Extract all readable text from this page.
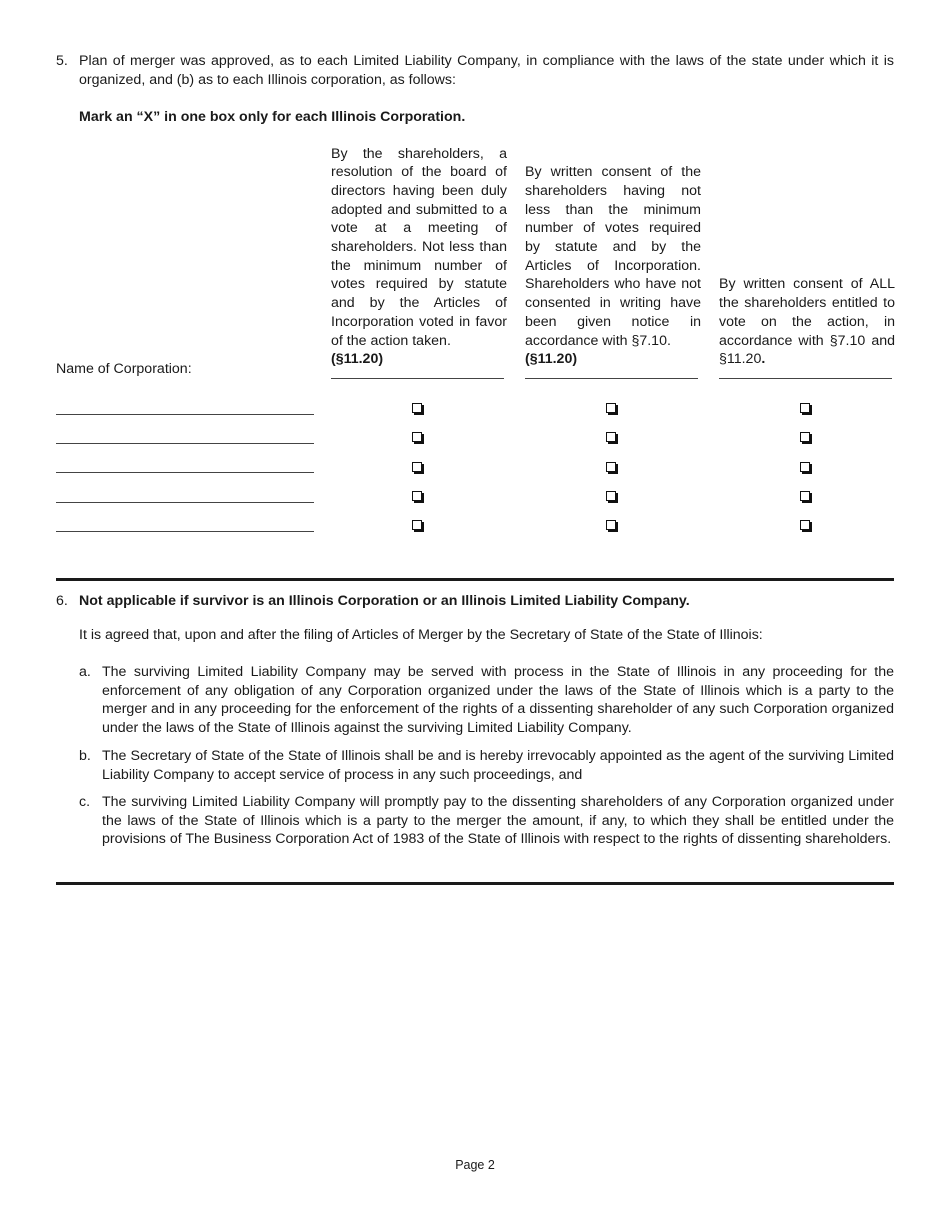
5. Plan of merger was approved, as to each Limited Liability Company, in compliance with the laws of the state under which it is organized, and (b) as to each Illinois corporation, as follows:
Mark an “X” in one box only for each Illinois Corporation.

By the shareholders, a resolution of the board of directors having been duly adopted and submitted to a vote at a meeting of shareholders. Not less than the minimum number of votes required by statute and by the Articles of Incorporation voted in favor of the action taken.

(§11.20)

By written consent of the shareholders having not less than the minimum number of votes required by statute and by the Articles of Incorporation. Shareholders who have not consented in writing have been given notice in accordance with §7.10.

(§11.20)

By written consent of ALL the shareholders entitled to vote on the action, in accordance with §7.10 and §11.20.

Name of Corporation:
6. Not applicable if survivor is an Illinois Corporation or an Illinois Limited Liability Company.
It is agreed that, upon and after the filing of Articles of Merger by the Secretary of State of the State of Illinois:
a. The surviving Limited Liability Company may be served with process in the State of Illinois in any proceeding for the enforcement of any obligation of any Corporation organized under the laws of the State of Illinois which is a party to the merger and in any proceeding for the enforcement of the rights of a dissenting shareholder of any such Corporation organized under the laws of the State of Illinois against the surviving Limited Liability Company.
b. The Secretary of State of the State of Illinois shall be and is hereby irrevocably appointed as the agent of the surviving Limited Liability Company to accept service of process in any such proceedings, and
c. The surviving Limited Liability Company will promptly pay to the dissenting shareholders of any Corporation organized under the laws of the State of Illinois which is a party to the merger the amount, if any, to which they shall be entitled under the provisions of The Business Corporation Act of 1983 of the State of Illinois with respect to the rights of dissenting shareholders.
Page 2
